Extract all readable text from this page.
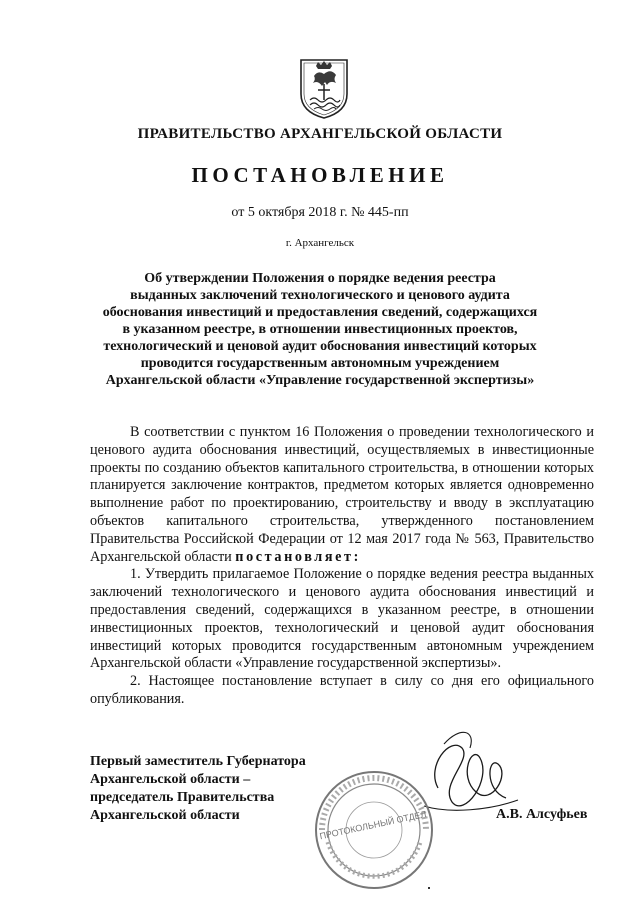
ПРАВИТЕЛЬСТВО АРХАНГЕЛЬСКОЙ ОБЛАСТИ
ПОСТАНОВЛЕНИЕ
от 5 октября 2018 г. № 445-пп
г. Архангельск
Об утверждении Положения о порядке ведения реестра
выданных заключений технологического и ценового аудита
обоснования инвестиций и предоставления сведений, содержащихся
в указанном реестре, в отношении инвестиционных проектов,
технологический и ценовой аудит обоснования инвестиций которых
проводится государственным автономным учреждением
Архангельской области «Управление государственной экспертизы»

В соответствии с пунктом 16 Положения о проведении технологического и ценового аудита обоснования инвестиций, осуществляемых в инвестиционные проекты по созданию объектов капитального строительства, в отношении которых планируется заключение контрактов, предметом которых является одновременно выполнение работ по проектированию, строительству и вводу в эксплуатацию объектов капитального строительства, утвержденного постановлением Правительства Российской Федерации от 12 мая 2017 года № 563, Правительство Архангельской области постановляет:

1. Утвердить прилагаемое Положение о порядке ведения реестра выданных заключений технологического и ценового аудита обоснования инвестиций и предоставления сведений, содержащихся в указанном реестре, в отношении инвестиционных проектов, технологический и ценовой аудит обоснования инвестиций которых проводится государственным автономным учреждением Архангельской области «Управление государственной экспертизы».

2. Настоящее постановление вступает в силу со дня его официального опубликования.

ПРОТОКОЛЬНЫЙ ОТДЕЛ
Первый заместитель Губернатора
Архангельской области –
председатель Правительства
Архангельской области	А.В. Алсуфьев
